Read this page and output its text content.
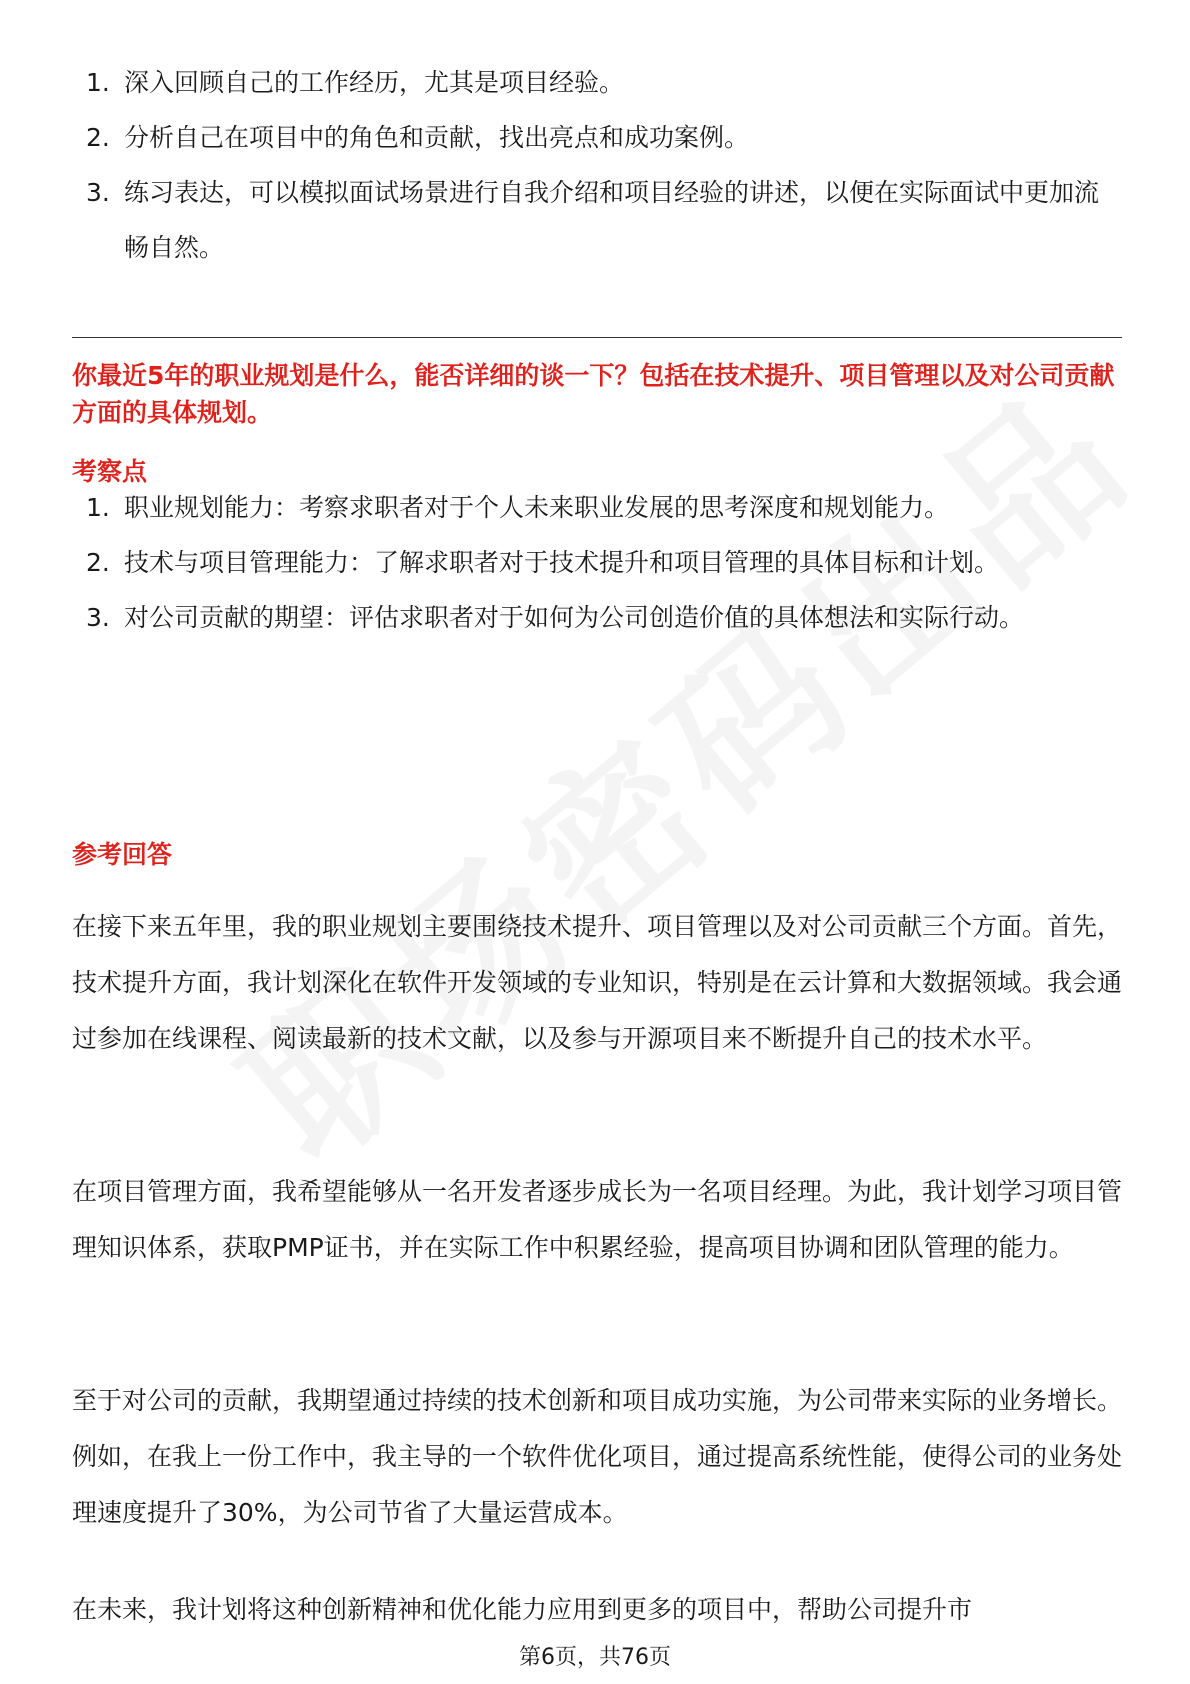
1. 深入回顾自己的工作经历，尤其是项目经验。
2. 分析自己在项目中的角色和贡献，找出亮点和成功案例。
3. 练习表达，可以模拟面试场景进行自我介绍和项目经验的讲述，以便在实际面试中更加流畅自然。
你最近5年的职业规划是什么，能否详细的谈一下？包括在技术提升、项目管理以及对公司贡献方面的具体规划。
考察点
1. 职业规划能力：考察求职者对于个人未来职业发展的思考深度和规划能力。
2. 技术与项目管理能力：了解求职者对于技术提升和项目管理的具体目标和计划。
3. 对公司贡献的期望：评估求职者对于如何为公司创造价值的具体想法和实际行动。
参考回答

在接下来五年里，我的职业规划主要围绕技术提升、项目管理以及对公司贡献三个方面。首先，技术提升方面，我计划深化在软件开发领域的专业知识，特别是在云计算和大数据领域。我会通过参加在线课程、阅读最新的技术文献，以及参与开源项目来不断提升自己的技术水平。

在项目管理方面，我希望能够从一名开发者逐步成长为一名项目经理。为此，我计划学习项目管理知识体系，获取PMP证书，并在实际工作中积累经验，提高项目协调和团队管理的能力。

至于对公司的贡献，我期望通过持续的技术创新和项目成功实施，为公司带来实际的业务增长。例如，在我上一份工作中，我主导的一个软件优化项目，通过提高系统性能，使得公司的业务处理速度提升了30%，为公司节省了大量运营成本。

在未来，我计划将这种创新精神和优化能力应用到更多的项目中，帮助公司提升市

第6页，共76页
